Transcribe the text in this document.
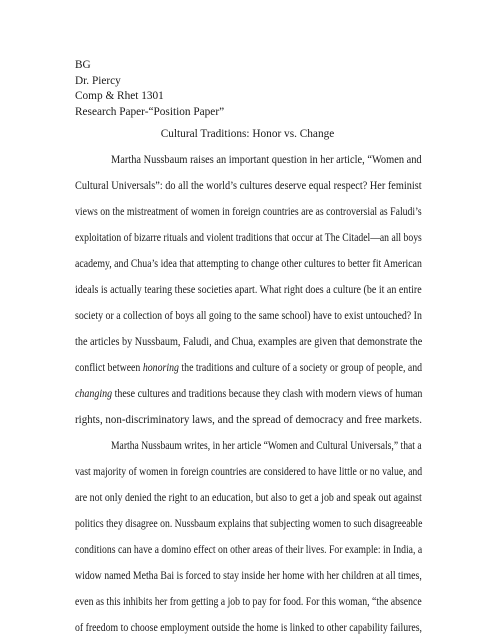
BG
Dr. Piercy
Comp & Rhet 1301
Research Paper-“Position Paper”
Cultural Traditions: Honor vs. Change
Martha Nussbaum raises an important question in her article, “Women and
Cultural Universals”: do all the world’s cultures deserve equal respect? Her feminist
views on the mistreatment of women in foreign countries are as controversial as Faludi’s
exploitation of bizarre rituals and violent traditions that occur at The Citadel—an all boys
academy, and Chua’s idea that attempting to change other cultures to better fit American
ideals is actually tearing these societies apart. What right does a culture (be it an entire
society or a collection of boys all going to the same school) have to exist untouched? In
the articles by Nussbaum, Faludi, and Chua, examples are given that demonstrate the
conflict between honoring the traditions and culture of a society or group of people, and
changing these cultures and traditions because they clash with modern views of human
rights, non-discriminatory laws, and the spread of democracy and free markets.
Martha Nussbaum writes, in her article “Women and Cultural Universals,” that a
vast majority of women in foreign countries are considered to have little or no value, and
are not only denied the right to an education, but also to get a job and speak out against
politics they disagree on. Nussbaum explains that subjecting women to such disagreeable
conditions can have a domino effect on other areas of their lives. For example: in India, a
widow named Metha Bai is forced to stay inside her home with her children at all times,
even as this inhibits her from getting a job to pay for food. For this woman, “the absence
of freedom to choose employment outside the home is linked to other capability failures,
